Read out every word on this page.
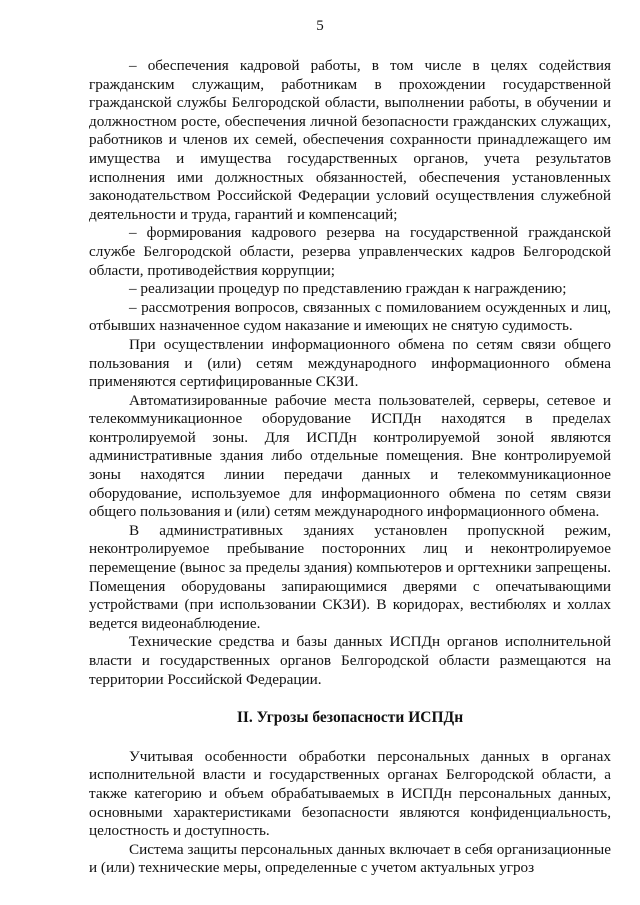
5

– обеспечения кадровой работы, в том числе в целях содействия гражданским служащим, работникам в прохождении государственной гражданской службы Белгородской области, выполнении работы, в обучении и должностном росте, обеспечения личной безопасности гражданских служащих, работников и членов их семей, обеспечения сохранности принадлежащего им имущества и имущества государственных органов, учета результатов исполнения ими должностных обязанностей, обеспечения установленных законодательством Российской Федерации условий осуществления служебной деятельности и труда, гарантий и компенсаций;

– формирования кадрового резерва на государственной гражданской службе Белгородской области, резерва управленческих кадров Белгородской области, противодействия коррупции;

– реализации процедур по представлению граждан к награждению;

– рассмотрения вопросов, связанных с помилованием осужденных и лиц, отбывших назначенное судом наказание и имеющих не снятую судимость.

При осуществлении информационного обмена по сетям связи общего пользования и (или) сетям международного информационного обмена применяются сертифицированные СКЗИ.

Автоматизированные рабочие места пользователей, серверы, сетевое и телекоммуникационное оборудование ИСПДн находятся в пределах контролируемой зоны. Для ИСПДн контролируемой зоной являются административные здания либо отдельные помещения. Вне контролируемой зоны находятся линии передачи данных и телекоммуникационное оборудование, используемое для информационного обмена по сетям связи общего пользования и (или) сетям международного информационного обмена.

В административных зданиях установлен пропускной режим, неконтролируемое пребывание посторонних лиц и неконтролируемое перемещение (вынос за пределы здания) компьютеров и оргтехники запрещены. Помещения оборудованы запирающимися дверями с опечатывающими устройствами (при использовании СКЗИ). В коридорах, вестибюлях и холлах ведется видеонаблюдение.

Технические средства и базы данных ИСПДн органов исполнительной власти и государственных органов Белгородской области размещаются на территории Российской Федерации.

II. Угрозы безопасности ИСПДн

Учитывая особенности обработки персональных данных в органах исполнительной власти и государственных органах Белгородской области, а также категорию и объем обрабатываемых в ИСПДн персональных данных, основными характеристиками безопасности являются конфиденциальность, целостность и доступность.

Система защиты персональных данных включает в себя организационные и (или) технические меры, определенные с учетом актуальных угроз
